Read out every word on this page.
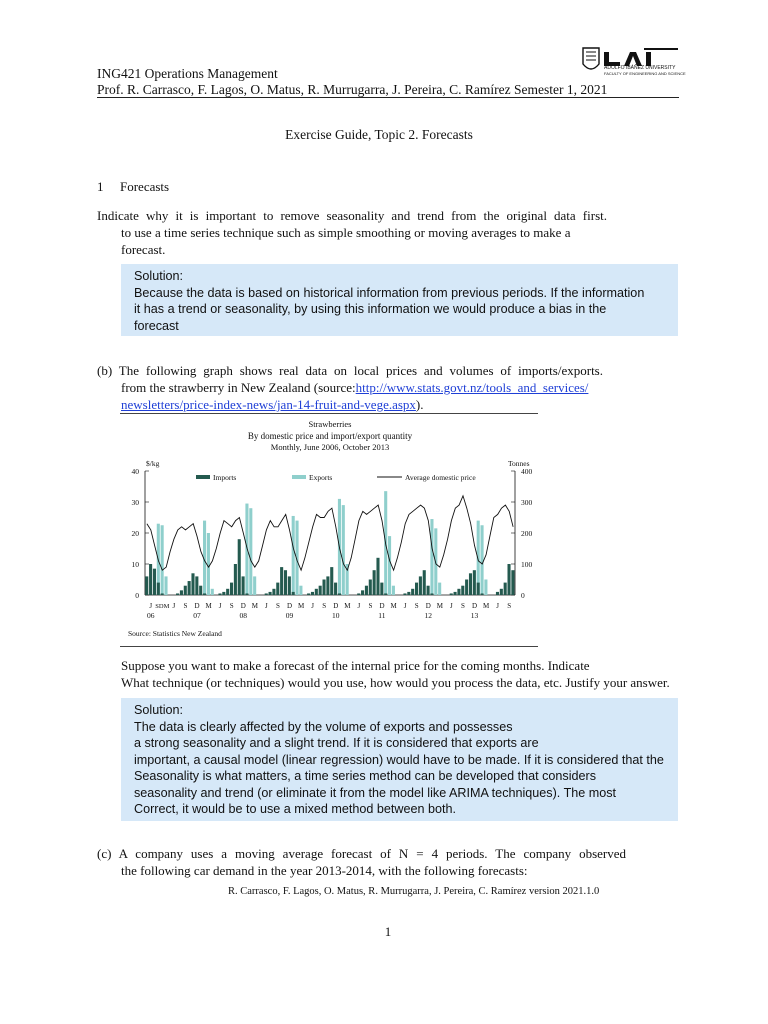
ING421 Operations Management
Prof. R. Carrasco, F. Lagos, O. Matus, R. Murrugarra, J. Pereira, C. Ramírez Semester 1, 2021
ADOLFO IBÁÑEZ UNIVERSITY
FACULTY OF ENGINEERING AND SCIENCE
Exercise Guide, Topic 2. Forecasts
1 Forecasts
Indicate why it is important to remove seasonality and trend from the original data first.
to use a time series technique such as simple smoothing or moving averages to make a
forecast.
Solution:
Because the data is based on historical information from previous periods. If the information
it has a trend or seasonality, by using this information we would produce a bias in the
forecast
(b) The following graph shows real data on local prices and volumes of imports/exports.
from the strawberry in New Zealand (source:http://www.stats.govt.nz/tools_and_services/
newsletters/price-index-news/jan-14-fruit-and-vege.aspx).
Strawberries
By domestic price and import/export quantity
Monthly, June 2006, October 2013
$/kg	Tonnes
0
10
20
30
40
0
100
200
300
400
Imports	Exports	Average domestic price
J SDM J S D M J S D M J S D M J S D M J S D M J S D M J S D M J S
06	07	08	09	10	11	12	13
Source: Statistics New Zealand
Suppose you want to make a forecast of the internal price for the coming months. Indicate
What technique (or techniques) would you use, how would you process the data, etc. Justify your answer.
Solution:
The data is clearly affected by the volume of exports and possesses
a strong seasonality and a slight trend. If it is considered that exports are
important, a causal model (linear regression) would have to be made. If it is considered that the
Seasonality is what matters, a time series method can be developed that considers
seasonality and trend (or eliminate it from the model like ARIMA techniques). The most
Correct, it would be to use a mixed method between both.
(c) A company uses a moving average forecast of N = 4 periods. The company observed
the following car demand in the year 2013-2014, with the following forecasts:
R. Carrasco, F. Lagos, O. Matus, R. Murrugarra, J. Pereira, C. Ramírez version 2021.1.0
1
